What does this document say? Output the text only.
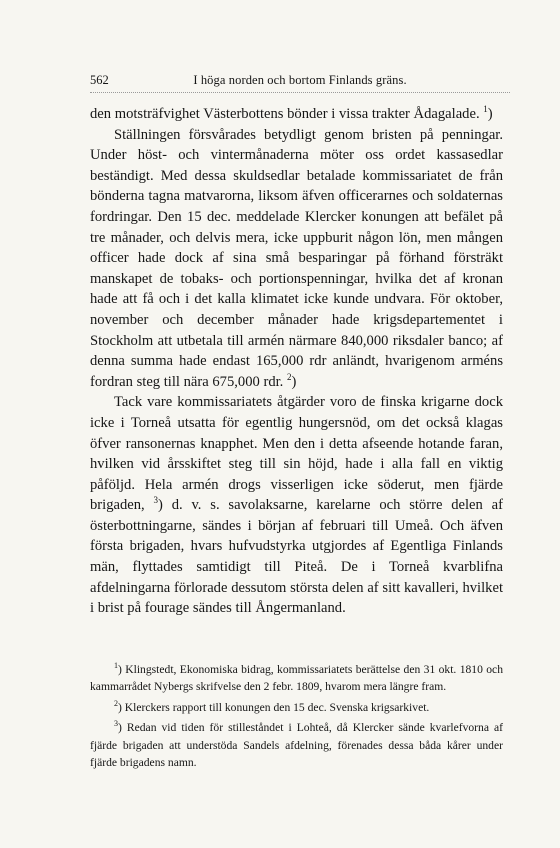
562	I höga norden och bortom Finlands gräns.

den motsträfvighet Västerbottens bönder i vissa trakter Ådagalade. $^1$)

Ställningen försvårades betydligt genom bristen på penningar. Under höst- och vintermånaderna möter oss ordet kassasedlar beständigt. Med dessa skuldsedlar betalade kommissariatet de från bönderna tagna matvarorna, liksom äfven officerarnes och soldaternas fordringar. Den 15 dec. meddelade Klercker konungen att befälet på tre månader, och delvis mera, icke uppburit någon lön, men mången officer hade dock af sina små besparingar på förhand försträkt manskapet de tobaks- och portionspenningar, hvilka det af kronan hade att få och i det kalla klimatet icke kunde undvara. För oktober, november och december månader hade krigsdepartementet i Stockholm att utbetala till armén närmare 840,000 riksdaler banco; af denna summa hade endast 165,000 rdr anländt, hvarigenom arméns fordran steg till nära 675,000 rdr. $^2$)

Tack vare kommissariatets åtgärder voro de finska krigarne dock icke i Torneå utsatta för egentlig hungersnöd, om det också klagas öfver ransonernas knapphet. Men den i detta afseende hotande faran, hvilken vid årsskiftet steg till sin höjd, hade i alla fall en viktig påföljd. Hela armén drogs visserligen icke söderut, men fjärde brigaden, $^3$) d. v. s. savolaksarne, karelarne och större delen af österbottningarne, sändes i början af februari till Umeå. Och äfven första brigaden, hvars hufvudstyrka utgjordes af Egentliga Finlands män, flyttades samtidigt till Piteå. De i Torneå kvarblifna afdelningarna förlorade dessutom största delen af sitt kavalleri, hvilket i brist på fourage sändes till Ångermanland.

$^1$) Klingstedt, Ekonomiska bidrag, kommissariatets berättelse den 31 okt. 1810 och kammarrådet Nybergs skrifvelse den 2 febr. 1809, hvarom mera längre fram.

$^2$) Klerckers rapport till konungen den 15 dec. Svenska krigsarkivet.

$^3$) Redan vid tiden för stilleståndet i Lohteå, då Klercker sände kvarlefvorna af fjärde brigaden att understöda Sandels afdelning, förenades dessa båda kårer under fjärde brigadens namn.
